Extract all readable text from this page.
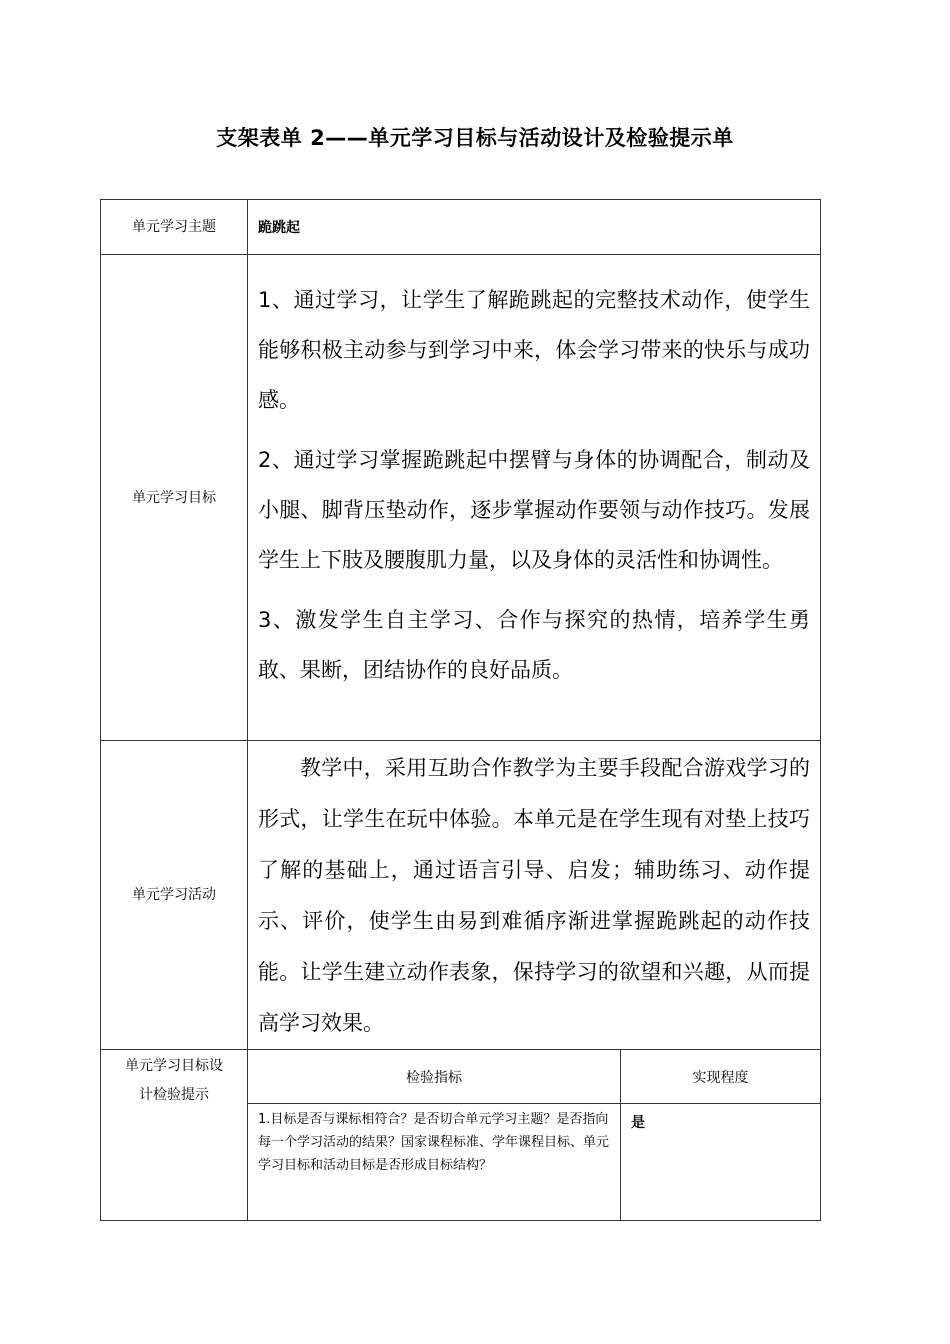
支架表单 2——单元学习目标与活动设计及检验提示单
单元学习主题	跪跳起	
单元学习目标	1、通过学习，让学生了解跪跳起的完整技术动作，使学生能够积极主动参与到学习中来，体会学习带来的快乐与成功感。

2、通过学习掌握跪跳起中摆臂与身体的协调配合，制动及小腿、脚背压垫动作，逐步掌握动作要领与动作技巧。发展学生上下肢及腰腹肌力量，以及身体的灵活性和协调性。

3、激发学生自主学习、合作与探究的热情，培养学生勇敢、果断，团结协作的良好品质。	

单元学习活动	教学中，采用互助合作教学为主要手段配合游戏学习的形式，让学生在玩中体验。本单元是在学生现有对垫上技巧了解的基础上，通过语言引导、启发；辅助练习、动作提示、评价，使学生由易到难循序渐进掌握跪跳起的动作技能。让学生建立动作表象，保持学习的欲望和兴趣，从而提高学习效果。	

单元学习目标设计检验提示	检验指标	实现程度
	1.目标是否与课标相符合？是否切合单元学习主题？是否指向每一个学习活动的结果？国家课程标准、学年课程目标、单元学习目标和活动目标是否形成目标结构？	是
